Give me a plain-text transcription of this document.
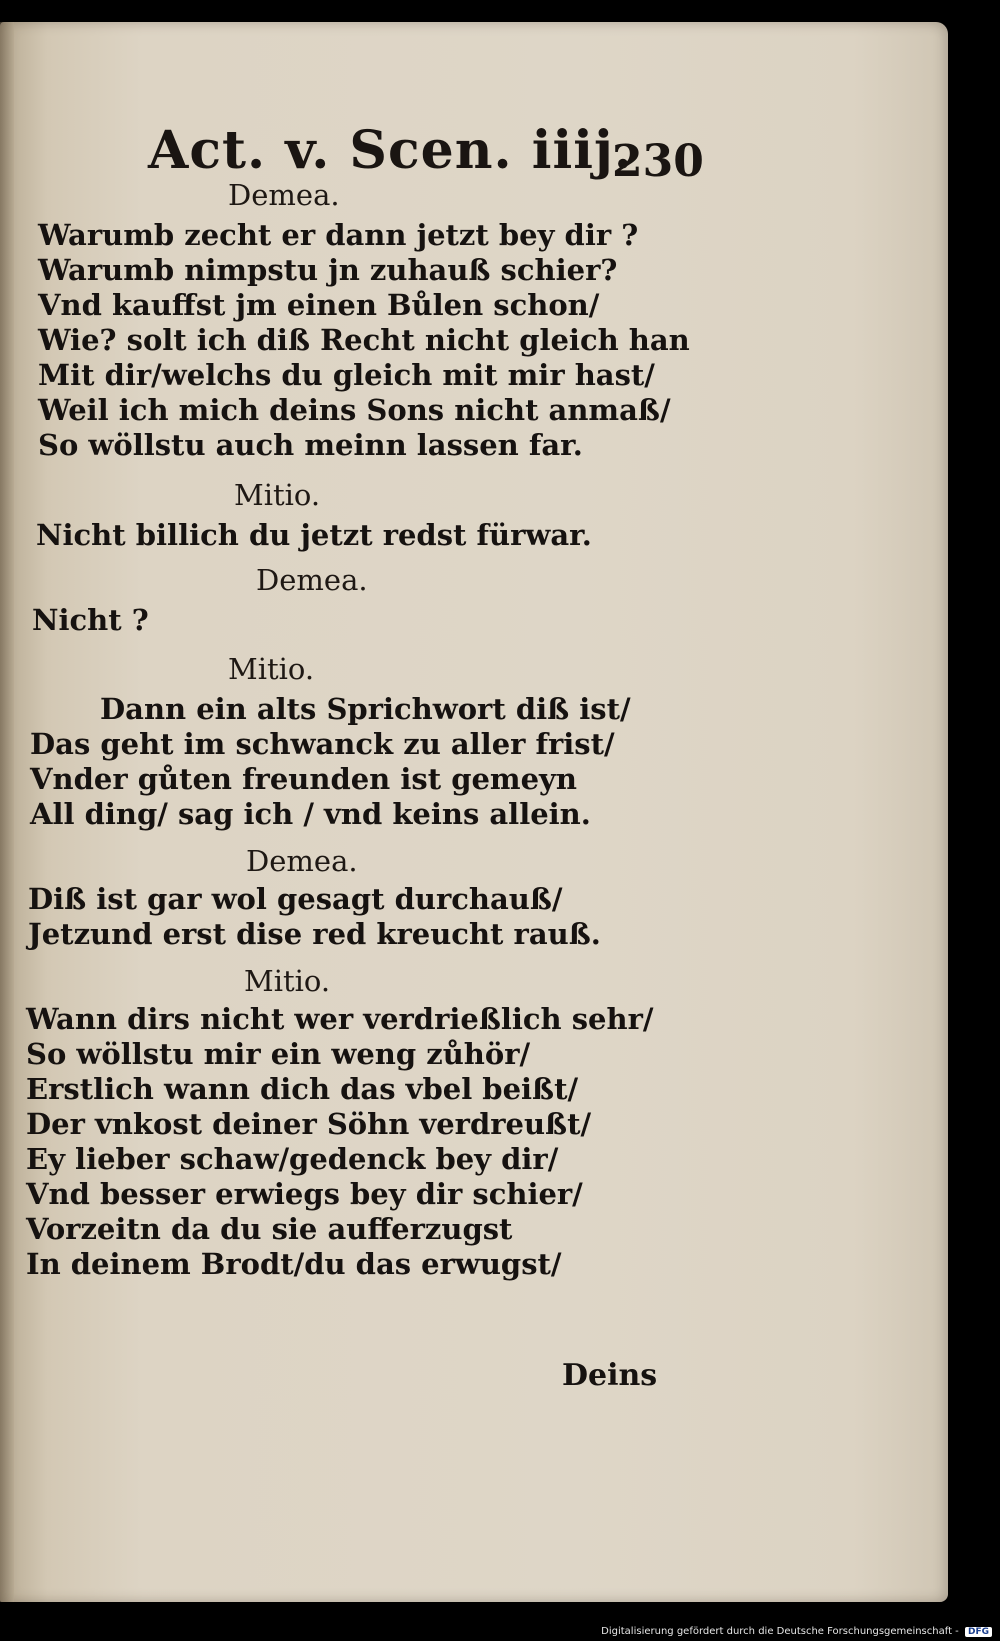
Act. v. Scen. iiij.
230
Demea.
Warumb zecht er dann jetzt bey dir ?
Warumb nimpstu jn zuhauß schier?
Vnd kauffst jm einen Bůlen schon/
Wie? solt ich diß Recht nicht gleich han
Mit dir/welchs du gleich mit mir hast/
Weil ich mich deins Sons nicht anmaß/
So wöllstu auch meinn lassen far.
Mitio.
Nicht billich du jetzt redst fürwar.
Demea.
Nicht ?
Mitio.
Dann ein alts Sprichwort diß ist/
Das geht im schwanck zu aller frist/
Vnder gůten freunden ist gemeyn
All ding/ sag ich / vnd keins allein.
Demea.
Diß ist gar wol gesagt durchauß/
Jetzund erst dise red kreucht rauß.
Mitio.
Wann dirs nicht wer verdrießlich sehr/
So wöllstu mir ein weng zůhör/
Erstlich wann dich das vbel beißt/
Der vnkost deiner Söhn verdreußt/
Ey lieber schaw/gedenck bey dir/
Vnd besser erwiegs bey dir schier/
Vorzeitn da du sie aufferzugst
In deinem Brodt/du das erwugst/
Deins
Digitalisierung gefördert durch die Deutsche Forschungsgemeinschaft - DFG
